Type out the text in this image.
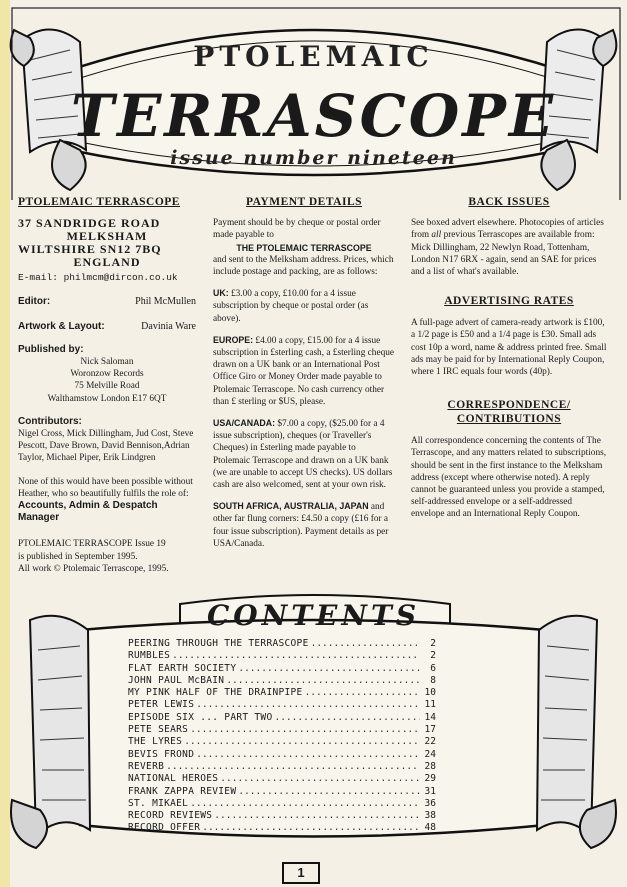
PTOLEMAIC
TERRASCOPE
issue number nineteen
PTOLEMAIC TERRASCOPE
37 SANDRIDGE ROAD
MELKSHAM
WILTSHIRE SN12 7BQ
ENGLAND
E-mail: philmcm@dircon.co.uk
Editor:	Phil McMullen
Artwork & Layout:	Davinia Ware
Published by:
Nick Saloman
Woronzow Records
75 Melville Road
Walthamstow London E17 6QT
Contributors:

Nigel Cross, Mick Dillingham, Jud Cost, Steve Pescott, Dave Brown, David Bennison,Adrian Taylor, Michael Piper, Erik Lindgren

None of this would have been possible without Heather, who so beautifully fulfils the role of:

Accounts, Admin & Despatch Manager

PTOLEMAIC TERRASCOPE Issue 19

is published in September 1995.

All work © Ptolemaic Terrascope, 1995.

PAYMENT DETAILS

Payment should be by cheque or postal order made payable to

THE PTOLEMAIC TERRASCOPE

and sent to the Melksham address. Prices, which include postage and packing, are as follows:

UK: £3.00 a copy, £10.00 for a 4 issue subscription by cheque or postal order (as above).

EUROPE: £4.00 a copy, £15.00 for a 4 issue subscription in £sterling cash, a £sterling cheque drawn on a UK bank or an International Post Office Giro or Money Order made payable to Ptolemaic Terrascope. No cash currency other than £ sterling or $US, please.

USA/CANADA: $7.00 a copy, ($25.00 for a 4 issue subscription), cheques (or Traveller's Cheques) in £sterling made payable to Ptolemaic Terrascope and drawn on a UK bank (we are unable to accept US checks). US dollars cash are also welcomed, sent at your own risk.

SOUTH AFRICA, AUSTRALIA, JAPAN and other far flung corners: £4.50 a copy (£16 for a four issue subscription). Payment details as per USA/Canada.

BACK ISSUES

See boxed advert elsewhere. Photocopies of articles from all previous Terrascopes are available from: Mick Dillingham, 22 Newlyn Road, Tottenham, London N17 6RX - again, send an SAE for prices and a list of what's available.

ADVERTISING RATES

A full-page advert of camera-ready artwork is £100, a 1/2 page is £50 and a 1/4 page is £30. Small ads cost 10p a word, name & address printed free. Small ads may be paid for by International Reply Coupon, where 1 IRC equals four words (40p).

CORRESPONDENCE/
CONTRIBUTIONS

All correspondence concerning the contents of The Terrascope, and any matters related to subscriptions, should be sent in the first instance to the Melksham address (except where otherwise noted). A reply cannot be guaranteed unless you provide a stamped, self-addressed envelope or a self-addressed envelope and an International Reply Coupon.

CONTENTS
PEERING THROUGH THE TERRASCOPE .....	2
RUMBLES .....	2
FLAT EARTH SOCIETY .....	6
JOHN PAUL McBAIN .....	8
MY PINK HALF OF THE DRAINPIPE .....	10
PETER LEWIS .....	11
EPISODE SIX ... PART TWO .....	14
PETE SEARS .....	17
THE LYRES .....	22
BEVIS FROND .....	24
REVERB .....	28
NATIONAL HEROES .....	29
FRANK ZAPPA REVIEW .....	31
ST. MIKAEL .....	36
RECORD REVIEWS .....	38
RECORD OFFER .....	48
1
